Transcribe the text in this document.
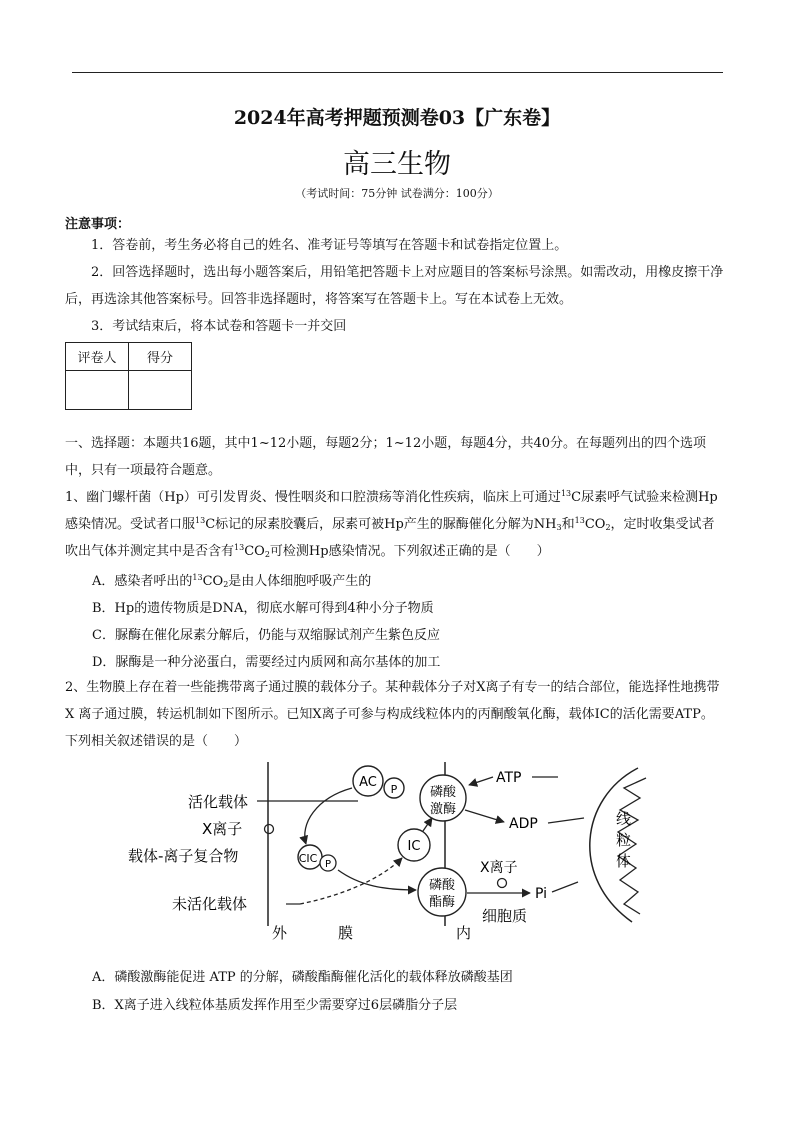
2024年高考押题预测卷03【广东卷】
高三生物
（考试时间：75分钟 试卷满分：100分）
注意事项：

1．答卷前，考生务必将自己的姓名、准考证号等填写在答题卡和试卷指定位置上。

2．回答选择题时，选出每小题答案后，用铅笔把答题卡上对应题目的答案标号涂黑。如需改动，用橡皮擦干净后，再选涂其他答案标号。回答非选择题时，将答案写在答题卡上。写在本试卷上无效。

3．考试结束后，将本试卷和答题卡一并交回

评卷人	得分

一、选择题：本题共16题，其中1~12小题，每题2分；1~12小题，每题4分，共40分。在每题列出的四个选项中，只有一项最符合题意。

1、幽门螺杆菌（Hp）可引发胃炎、慢性咽炎和口腔溃疡等消化性疾病，临床上可通过$^{13}$C尿素呼气试验来检测Hp感染情况。受试者口服$^{13}$C标记的尿素胶囊后，尿素可被Hp产生的脲酶催化分解为$NH_3$和$^{13}CO_2$，定时收集受试者吹出气体并测定其中是否含有$^{13}CO_2$可检测Hp感染情况。下列叙述正确的是（　　）

A．感染者呼出的$^{13}CO_2$是由人体细胞呼吸产生的
B．Hp的遗传物质是DNA，彻底水解可得到4种小分子物质
C．脲酶在催化尿素分解后，仍能与双缩脲试剂产生紫色反应
D．脲酶是一种分泌蛋白，需要经过内质网和高尔基体的加工

2、生物膜上存在着一些能携带离子通过膜的载体分子。某种载体分子对X离子有专一的结合部位，能选择性地携带 X 离子通过膜，转运机制如下图所示。已知X离子可参与构成线粒体内的丙酮酸氧化酶，载体IC的活化需要ATP。下列相关叙述错误的是（　　）

活化载体
X离子
载体-离子复合物
未活化载体
外	膜	内
细胞质
AC P	磷酸
激酶
ATP
ADP
IC
CIC P
磷酸
酯酶
X离子
Pi
线
粒
体
线粒体
A．磷酸激酶能促进 ATP 的分解，磷酸酯酶催化活化的载体释放磷酸基团
B．X离子进入线粒体基质发挥作用至少需要穿过6层磷脂分子层
